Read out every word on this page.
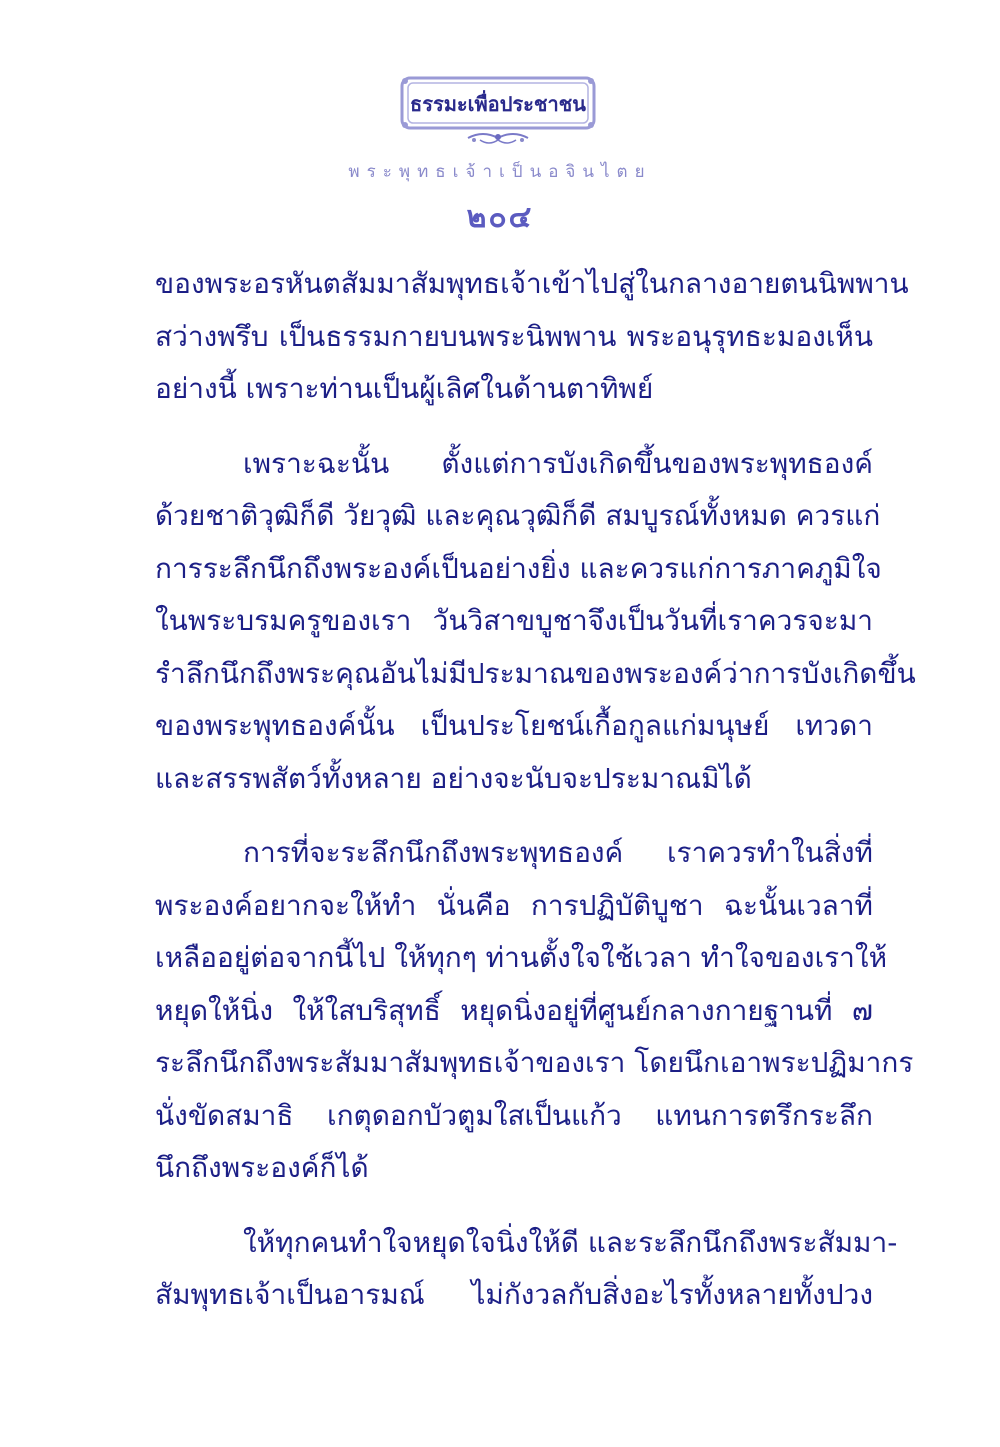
ธรรมะเพื่อประชาชน
พระพุทธเจ้าเป็นอจินไตย
๒๐๔
ของพระอรหันตสัมมาสัมพุทธเจ้าเข้าไปสู่ในกลางอายตนนิพพาน
สว่างพรึบ เป็นธรรมกายบนพระนิพพาน พระอนุรุทธะมองเห็น
อย่างนี้ เพราะท่านเป็นผู้เลิศในด้านตาทิพย์
เพราะฉะนั้น ตั้งแต่การบังเกิดขึ้นของพระพุทธองค์
ด้วยชาติวุฒิก็ดี วัยวุฒิ และคุณวุฒิก็ดี สมบูรณ์ทั้งหมด ควรแก่
การระลึกนึกถึงพระองค์เป็นอย่างยิ่ง และควรแก่การภาคภูมิใจ
ในพระบรมครูของเรา วันวิสาขบูชาจึงเป็นวันที่เราควรจะมา
รำลึกนึกถึงพระคุณอันไม่มีประมาณของพระองค์ว่าการบังเกิดขึ้น
ของพระพุทธองค์นั้น เป็นประโยชน์เกื้อกูลแก่มนุษย์ เทวดา
และสรรพสัตว์ทั้งหลาย อย่างจะนับจะประมาณมิได้
การที่จะระลึกนึกถึงพระพุทธองค์ เราควรทำในสิ่งที่
พระองค์อยากจะให้ทำ นั่นคือ การปฏิบัติบูชา ฉะนั้นเวลาที่
เหลืออยู่ต่อจากนี้ไป ให้ทุกๆ ท่านตั้งใจใช้เวลา ทำใจของเราให้
หยุดให้นิ่ง ให้ใสบริสุทธิ์ หยุดนิ่งอยู่ที่ศูนย์กลางกายฐานที่ ๗
ระลึกนึกถึงพระสัมมาสัมพุทธเจ้าของเรา โดยนึกเอาพระปฏิมากร
นั่งขัดสมาธิ เกตุดอกบัวตูมใสเป็นแก้ว แทนการตรึกระลึก
นึกถึงพระองค์ก็ได้
ให้ทุกคนทำใจหยุดใจนิ่งให้ดี และระลึกนึกถึงพระสัมมา-
สัมพุทธเจ้าเป็นอารมณ์ ไม่กังวลกับสิ่งอะไรทั้งหลายทั้งปวง
